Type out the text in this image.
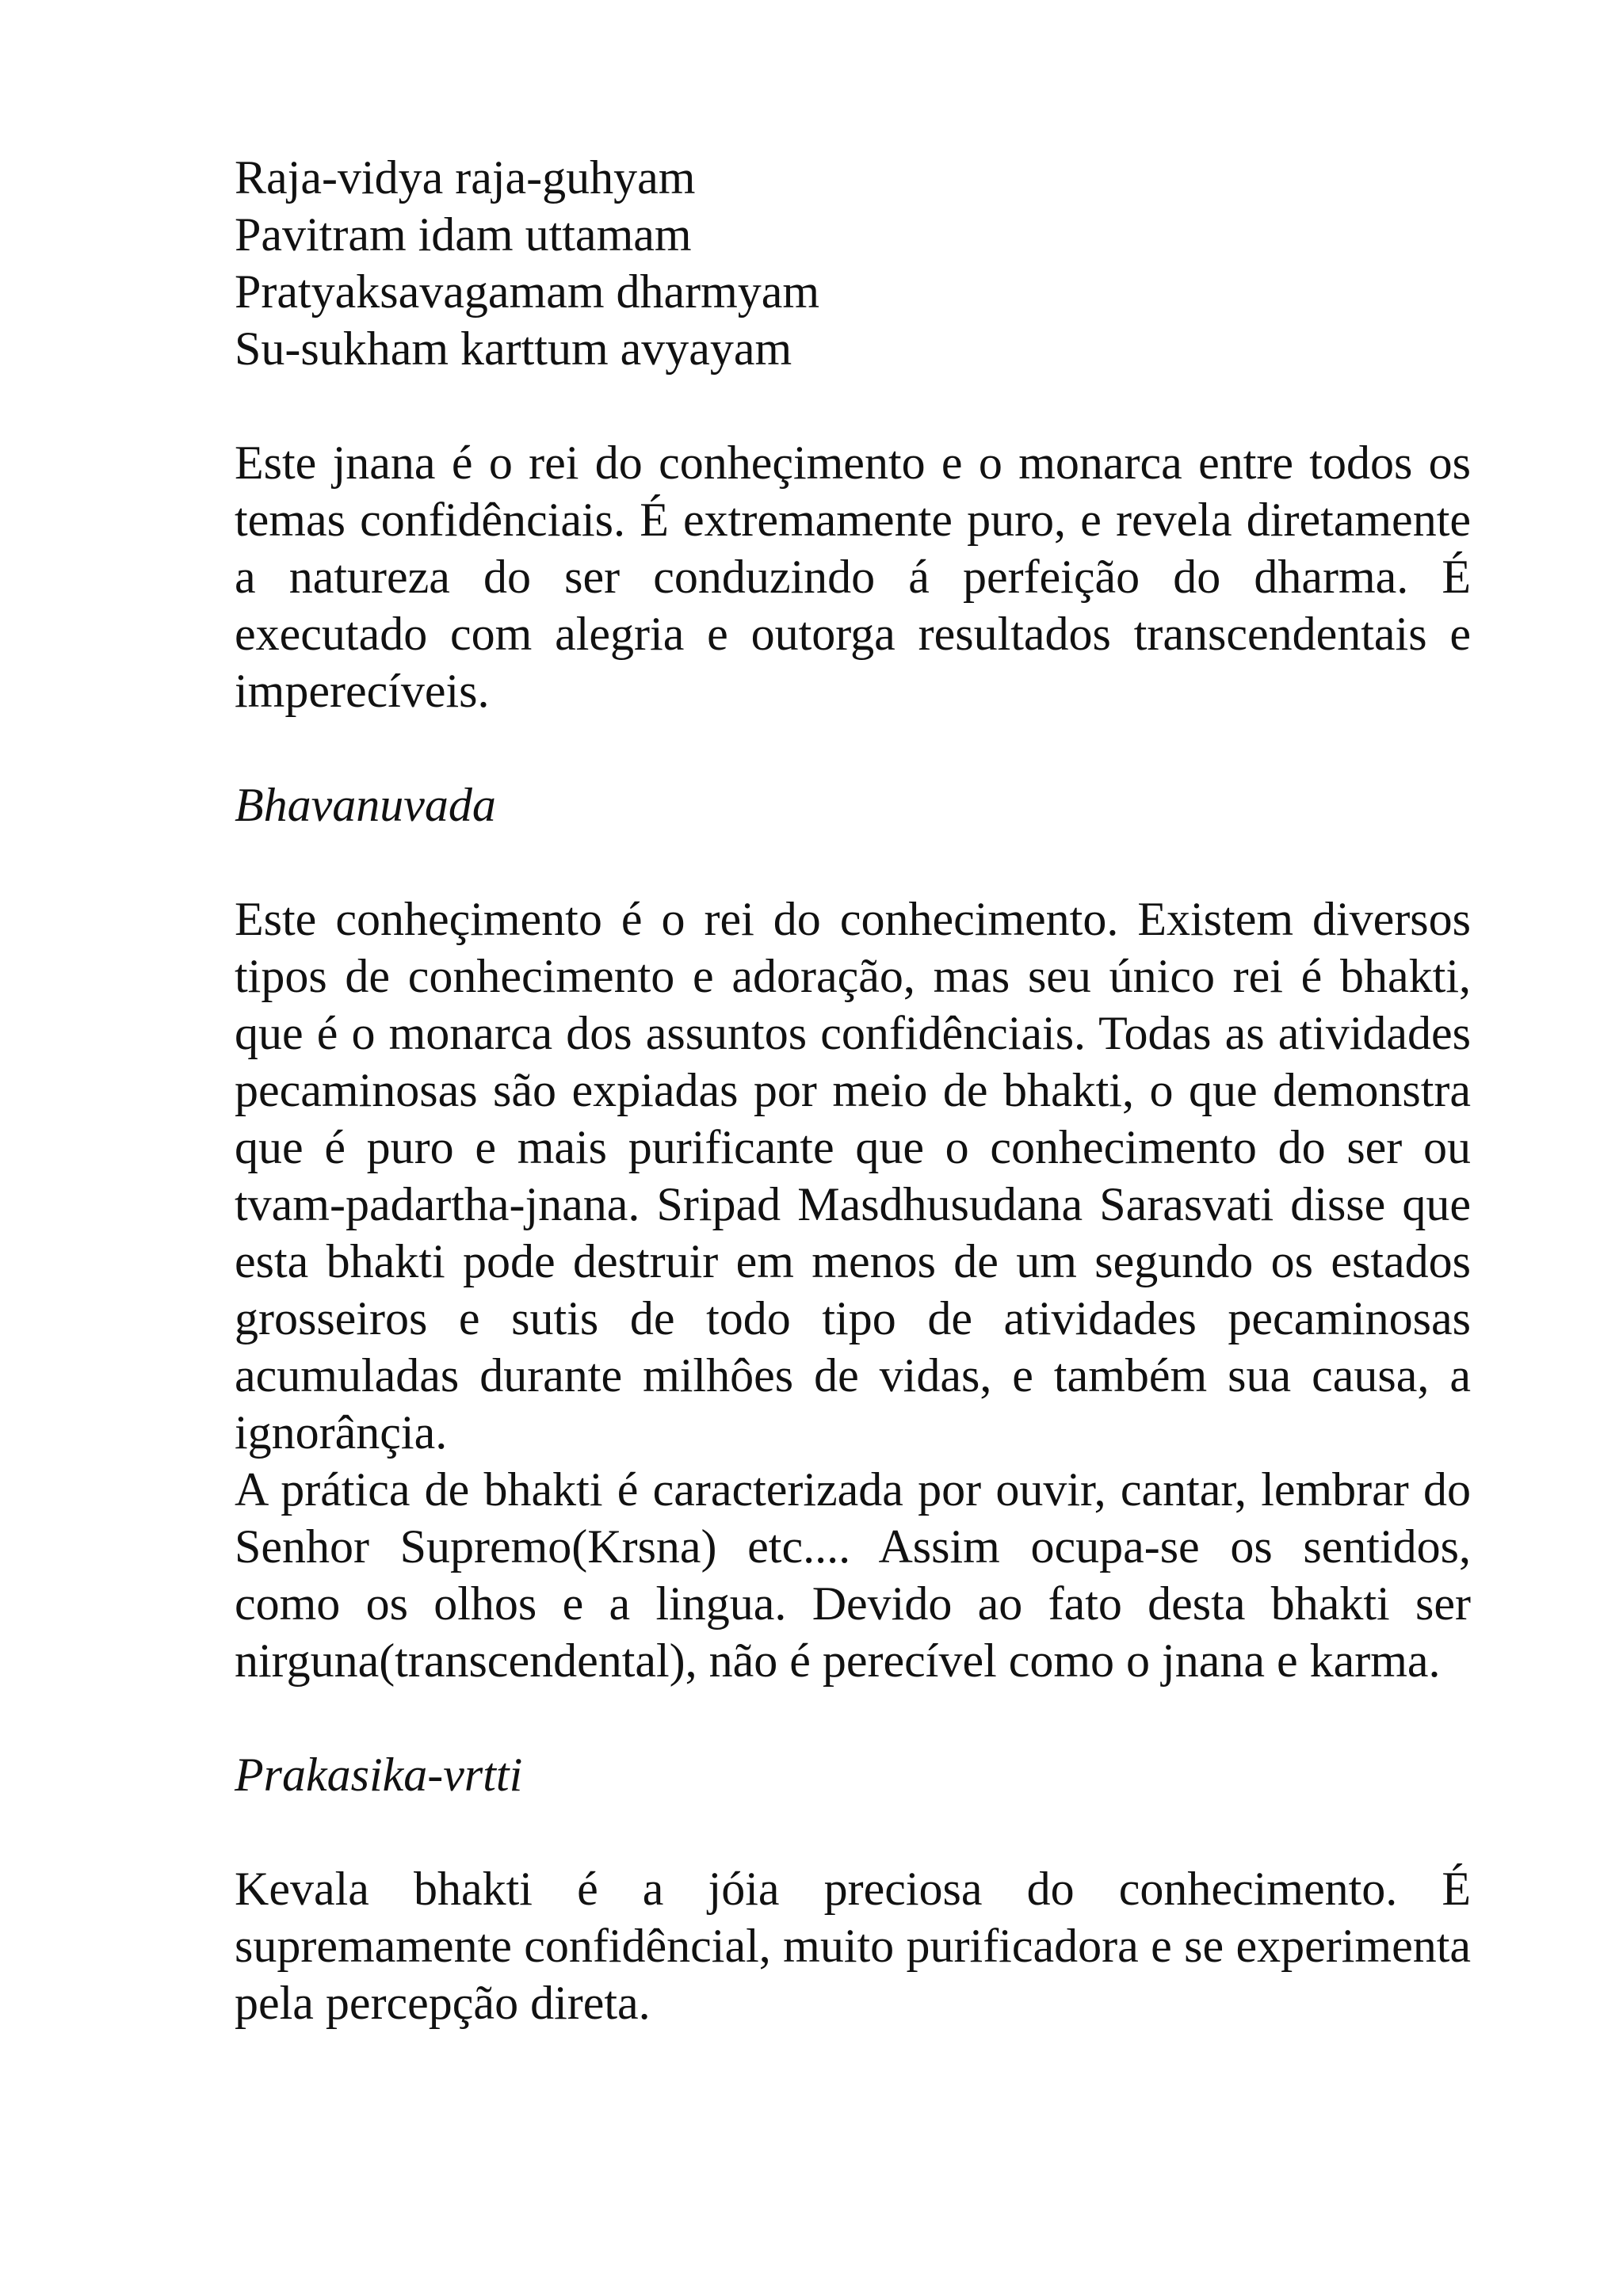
Raja-vidya raja-guhyam
Pavitram idam uttamam
Pratyaksavagamam dharmyam
Su-sukham karttum avyayam

Este jnana é o rei do conheçimento e o monarca entre todos os temas confidênciais. É extremamente puro, e revela diretamente a natureza do ser conduzindo á perfeição do dharma. É executado com alegria e outorga resultados transcendentais e imperecíveis.

Bhavanuvada

Este conheçimento é o rei do conhecimento. Existem diversos tipos de conhecimento e adoração, mas seu único rei é bhakti, que é o monarca dos assuntos confidênciais. Todas as atividades pecaminosas são expiadas por meio de bhakti, o que demonstra que é puro e mais purificante que o conhecimento do ser ou tvam-padartha-jnana. Sripad Masdhusudana Sarasvati disse que esta bhakti pode destruir em menos de um segundo os estados grosseiros e sutis de todo tipo de atividades pecaminosas acumuladas durante milhôes de vidas, e também sua causa, a ignorânçia.

A prática de bhakti é caracterizada por ouvir, cantar, lembrar do Senhor Supremo(Krsna) etc.... Assim ocupa-se os sentidos, como os olhos e a lingua. Devido ao fato desta bhakti ser nirguna(transcendental), não é perecível como o jnana e karma.

Prakasika-vrtti

Kevala bhakti é a jóia preciosa do conhecimento. É supremamente confidêncial, muito purificadora e se experimenta pela percepção direta.
